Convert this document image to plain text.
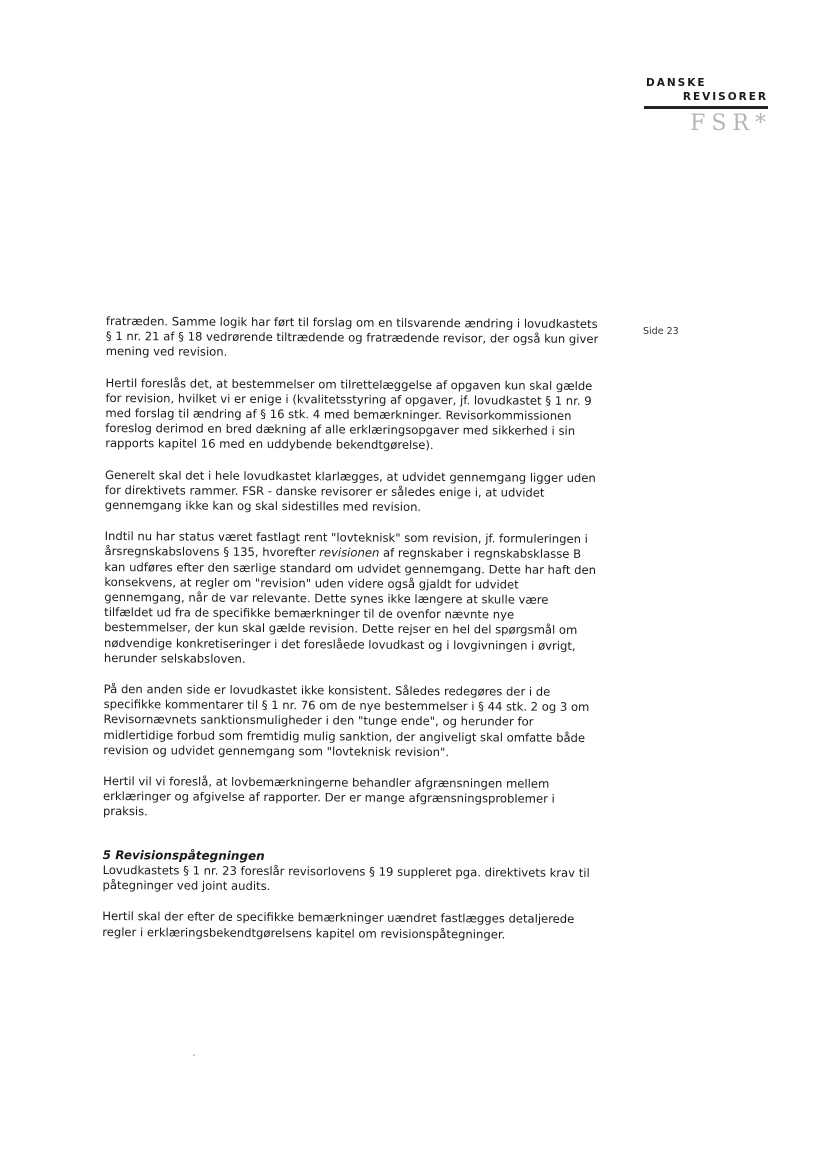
DANSKE
REVISORER
FSR*
Side 23

fratræden. Samme logik har ført til forslag om en tilsvarende ændring i lovudkastets § 1 nr. 21 af § 18 vedrørende tiltrædende og fratrædende revisor, der også kun giver mening ved revision.

Hertil foreslås det, at bestemmelser om tilrettelæggelse af opgaven kun skal gælde for revision, hvilket vi er enige i (kvalitetsstyring af opgaver, jf. lovudkastet § 1 nr. 9 med forslag til ændring af § 16 stk. 4 med bemærkninger. Revisorkommissionen foreslog derimod en bred dækning af alle erklæringsopgaver med sikkerhed i sin rapports kapitel 16 med en uddybende bekendtgørelse).

Generelt skal det i hele lovudkastet klarlægges, at udvidet gennemgang ligger uden for direktivets rammer. FSR - danske revisorer er således enige i, at udvidet gennemgang ikke kan og skal sidestilles med revision.

Indtil nu har status været fastlagt rent "lovteknisk" som revision, jf. formuleringen i årsregnskabslovens § 135, hvorefter revisionen af regnskaber i regnskabsklasse B kan udføres efter den særlige standard om udvidet gennemgang. Dette har haft den konsekvens, at regler om "revision" uden videre også gjaldt for udvidet gennemgang, når de var relevante. Dette synes ikke længere at skulle være tilfældet ud fra de specifikke bemærkninger til de ovenfor nævnte nye bestemmelser, der kun skal gælde revision. Dette rejser en hel del spørgsmål om nødvendige konkretiseringer i det foreslåede lovudkast og i lovgivningen i øvrigt, herunder selskabsloven.

På den anden side er lovudkastet ikke konsistent. Således redegøres der i de specifikke kommentarer til § 1 nr. 76 om de nye bestemmelser i § 44 stk. 2 og 3 om Revisornævnets sanktionsmuligheder i den "tunge ende", og herunder for midlertidige forbud som fremtidig mulig sanktion, der angiveligt skal omfatte både revision og udvidet gennemgang som "lovteknisk revision".

Hertil vil vi foreslå, at lovbemærkningerne behandler afgrænsningen mellem erklæringer og afgivelse af rapporter. Der er mange afgrænsningsproblemer i praksis.

5 Revisionspåtegningen

Lovudkastets § 1 nr. 23 foreslår revisorlovens § 19 suppleret pga. direktivets krav til påtegninger ved joint audits.

Hertil skal der efter de specifikke bemærkninger uændret fastlægges detaljerede regler i erklæringsbekendtgørelsens kapitel om revisionspåtegninger.
